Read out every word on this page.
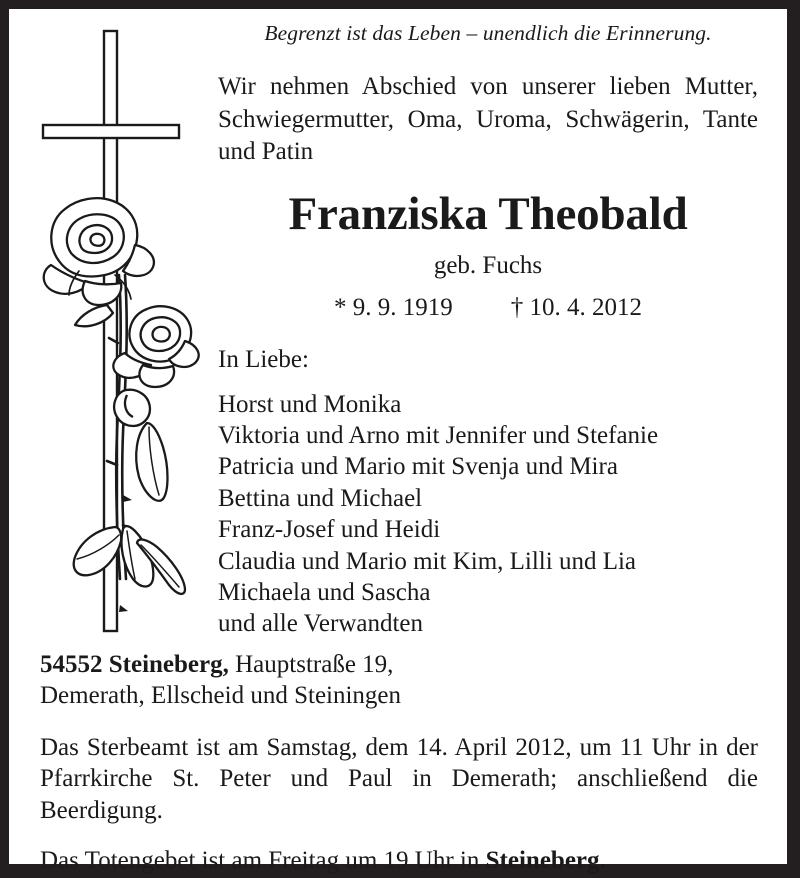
Begrenzt ist das Leben – unendlich die Erinnerung.

Wir nehmen Abschied von unserer lieben Mutter, Schwiegermutter, Oma, Uroma, Schwägerin, Tante und Patin

Franziska Theobald

geb. Fuchs

* 9. 9. 1919 † 10. 4. 2012

In Liebe:

Horst und Monika
Viktoria und Arno mit Jennifer und Stefanie
Patricia und Mario mit Svenja und Mira
Bettina und Michael
Franz-Josef und Heidi
Claudia und Mario mit Kim, Lilli und Lia
Michaela und Sascha
und alle Verwandten

54552 Steineberg, Hauptstraße 19,
Demerath, Ellscheid und Steiningen

Das Sterbeamt ist am Samstag, dem 14. April 2012, um 11 Uhr in der Pfarrkirche St. Peter und Paul in Demerath; anschließend die Beerdigung.

Das Totengebet ist am Freitag um 19 Uhr in Steineberg.
